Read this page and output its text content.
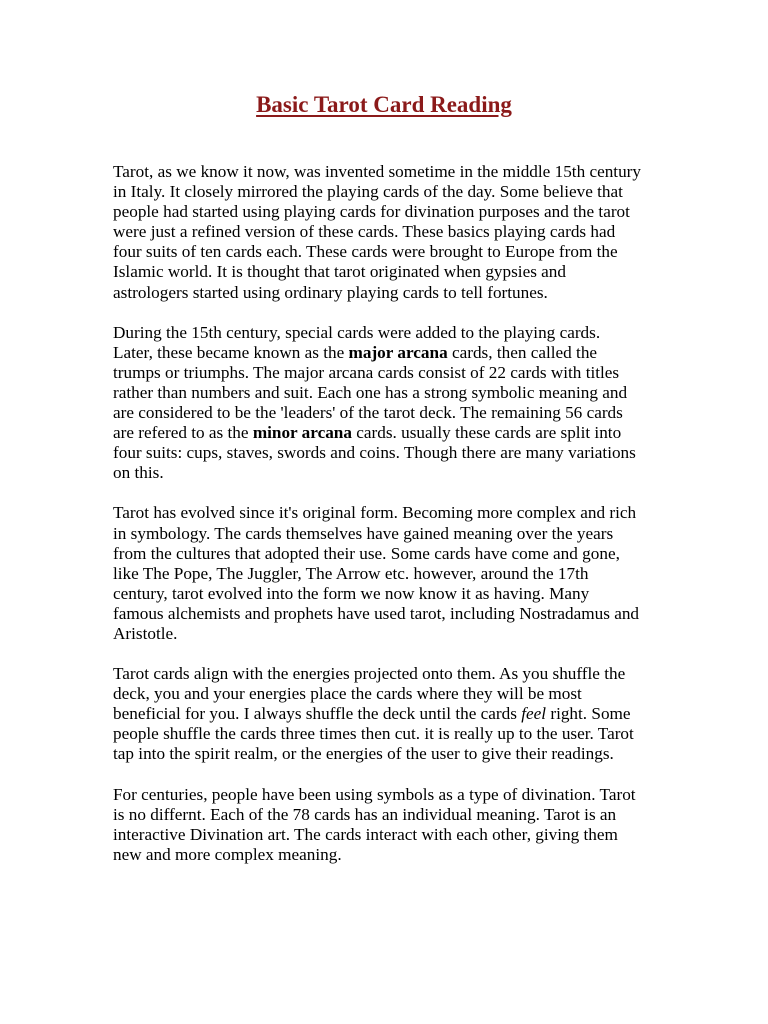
Basic Tarot Card Reading

Tarot, as we know it now, was invented sometime in the middle 15th century
in Italy. It closely mirrored the playing cards of the day. Some believe that
people had started using playing cards for divination purposes and the tarot
were just a refined version of these cards. These basics playing cards had
four suits of ten cards each. These cards were brought to Europe from the
Islamic world. It is thought that tarot originated when gypsies and
astrologers started using ordinary playing cards to tell fortunes.

During the 15th century, special cards were added to the playing cards.
Later, these became known as the major arcana cards, then called the
trumps or triumphs. The major arcana cards consist of 22 cards with titles
rather than numbers and suit. Each one has a strong symbolic meaning and
are considered to be the 'leaders' of the tarot deck. The remaining 56 cards
are refered to as the minor arcana cards. usually these cards are split into
four suits: cups, staves, swords and coins. Though there are many variations
on this.

Tarot has evolved since it's original form. Becoming more complex and rich
in symbology. The cards themselves have gained meaning over the years
from the cultures that adopted their use. Some cards have come and gone,
like The Pope, The Juggler, The Arrow etc. however, around the 17th
century, tarot evolved into the form we now know it as having. Many
famous alchemists and prophets have used tarot, including Nostradamus and
Aristotle.

Tarot cards align with the energies projected onto them. As you shuffle the
deck, you and your energies place the cards where they will be most
beneficial for you. I always shuffle the deck until the cards feel right. Some
people shuffle the cards three times then cut. it is really up to the user. Tarot
tap into the spirit realm, or the energies of the user to give their readings.

For centuries, people have been using symbols as a type of divination. Tarot
is no differnt. Each of the 78 cards has an individual meaning. Tarot is an
interactive Divination art. The cards interact with each other, giving them
new and more complex meaning.
